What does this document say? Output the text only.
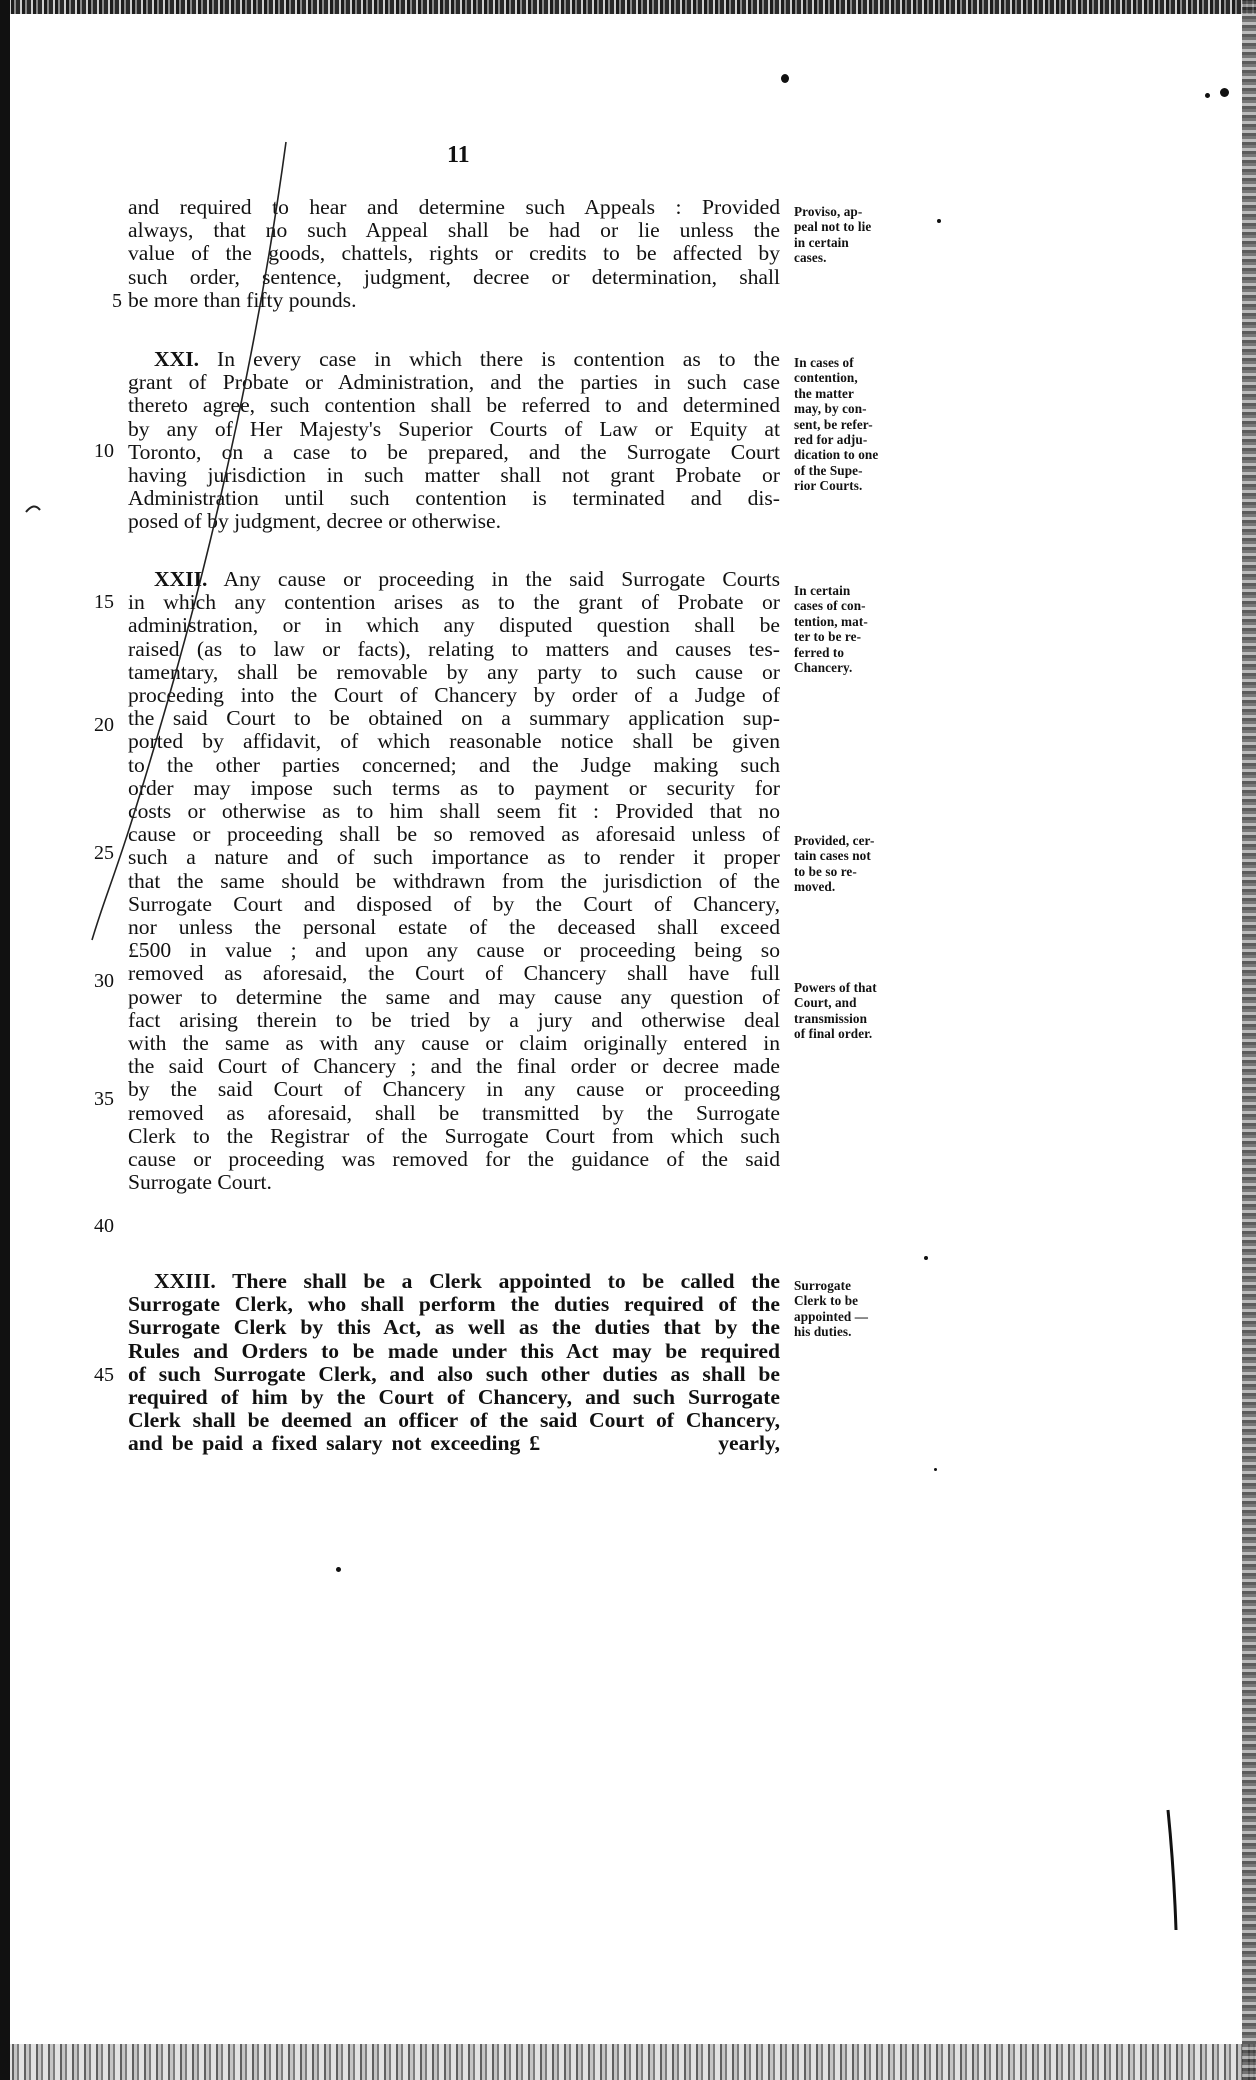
11
and required to hear and determine such Appeals : Provided
always, that no such Appeal shall be had or lie unless the
value of the goods, chattels, rights or credits to be affected by
such order, sentence, judgment, decree or determination, shall
be more than fifty pounds.
XXI. In every case in which there is contention as to the
grant of Probate or Administration, and the parties in such case
thereto agree, such contention shall be referred to and determined
by any of Her Majesty's Superior Courts of Law or Equity at
Toronto, on a case to be prepared, and the Surrogate Court
having jurisdiction in such matter shall not grant Probate or
Administration until such contention is terminated and dis-
posed of by judgment, decree or otherwise.
XXII. Any cause or proceeding in the said Surrogate Courts
in which any contention arises as to the grant of Probate or
administration, or in which any disputed question shall be
raised (as to law or facts), relating to matters and causes tes-
tamentary, shall be removable by any party to such cause or
proceeding into the Court of Chancery by order of a Judge of
the said Court to be obtained on a summary application sup-
ported by affidavit, of which reasonable notice shall be given
to the other parties concerned; and the Judge making such
order may impose such terms as to payment or security for
costs or otherwise as to him shall seem fit : Provided that no
cause or proceeding shall be so removed as aforesaid unless of
such a nature and of such importance as to render it proper
that the same should be withdrawn from the jurisdiction of the
Surrogate Court and disposed of by the Court of Chancery,
nor unless the personal estate of the deceased shall exceed
£500 in value ; and upon any cause or proceeding being so
removed as aforesaid, the Court of Chancery shall have full
power to determine the same and may cause any question of
fact arising therein to be tried by a jury and otherwise deal
with the same as with any cause or claim originally entered in
the said Court of Chancery ; and the final order or decree made
by the said Court of Chancery in any cause or proceeding
removed as aforesaid, shall be transmitted by the Surrogate
Clerk to the Registrar of the Surrogate Court from which such
cause or proceeding was removed for the guidance of the said
Surrogate Court.
XXIII. There shall be a Clerk appointed to be called the
Surrogate Clerk, who shall perform the duties required of the
Surrogate Clerk by this Act, as well as the duties that by the
Rules and Orders to be made under this Act may be required
of such Surrogate Clerk, and also such other duties as shall be
required of him by the Court of Chancery, and such Surrogate
Clerk shall be deemed an officer of the said Court of Chancery,
and be paid a fixed salary not exceeding £                    yearly,
5
10
15
20
25
30
35
40
45
Proviso, ap-
peal not to lie
in certain
cases.
In cases of
contention,
the matter
may, by con-
sent, be refer-
red for adju-
dication to one
of the Supe-
rior Courts.
In certain
cases of con-
tention, mat-
ter to be re-
ferred to
Chancery.
Provided, cer-
tain cases not
to be so re-
moved.
Powers of that
Court, and
transmission
of final order.
Surrogate
Clerk to be
appointed —
his duties.
